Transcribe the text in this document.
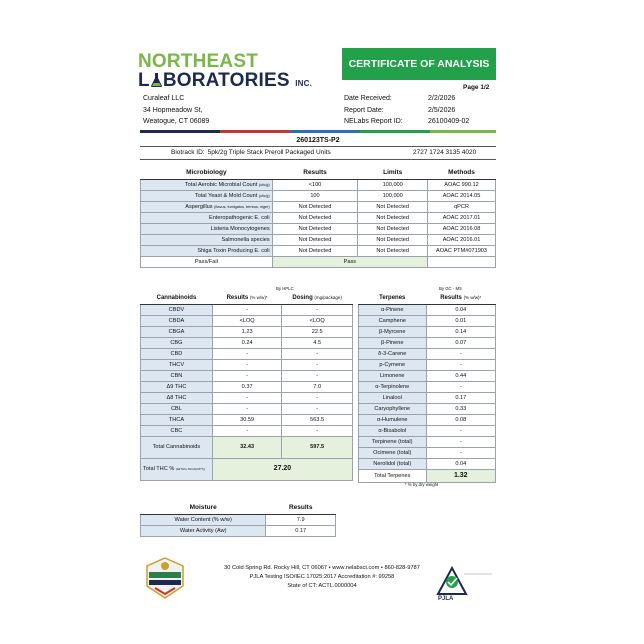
NORTHEAST
L BORATORIES INC.
CERTIFICATE OF ANALYSIS
Page 1/2
Curaleaf LLC
34 Hopmeadow St,
Weatogue, CT 06089
Date Received:
Report Date:
NELabs Report ID:
2/2/2026
2/5/2026
26100409-02
260123TS-P2
Biotrack ID: 5pk/2g Triple Stack Preroll Packaged Units	2727 1724 3135 4020
Microbiology	Results	Limits	Methods
Total Aerobic Microbial Count (cfu/g)	<100	100,000	AOAC 990.12
Total Yeast & Mold Count (cfu/g)	100	100,000	AOAC 2014.05
Aspergillus (flavus, fumigatus, terreus, niger)	Not Detected	Not Detected	qPCR
Enteropathogenic E. coli	Not Detected	Not Detected	AOAC 2017.01
Listeria Monocytogenes	Not Detected	Not Detected	AOAC 2016.08
Salmonella species	Not Detected	Not Detected	AOAC 2016.01
Shiga Toxin Producing E. coli	Not Detected	Not Detected	AOAC PTM#071903
Pass/Fail	Pass		
By HPLC	By GC - MS
Cannabinoids	Results (% w/w)*	Dosing (mg/package)
CBDV	-	-
CBDA	<LOQ	<LOQ
CBGA	1.23	22.5
CBG	0.24	4.5
CBD	-	-
THCV	-	-
CBN	-	-
Δ9 THC	0.37	7.0
Δ8 THC	-	-
CBL	-	-
THCA	30.59	563.5
CBC	-	-
Total Cannabinoids	32.43	597.5
Total THC % (Δ9THC+THCA(0.877))	27.20	
Terpenes	Results (% w/w)*
α-Pinene	0.04
Camphene	0.01
β-Myrcene	0.14
β-Pinene	0.07
δ-3-Carene	-
p-Cymene	-
Limonene	0.44
α-Terpinolene	-
Linalool	0.17
Caryophyllene	0.33
α-Humulene	0.08
α-Bisabolol	-
Terpinene (total)	-
Ocimene (total)	-
Nerolidol (total)	0.04
Total Terpenes	1.32
* % by dry weight
Moisture	Results
Water Content (% w/w)	7.9
Water Activity (Aw)	0.17
PJLA
30 Cold Spring Rd. Rocky Hill, CT 06067 • www.nelabsct.com • 860-828-9787
PJLA Testing ISO/IEC 17025:2017 Accreditation #: 99258
State of CT: ACTL.0000004
